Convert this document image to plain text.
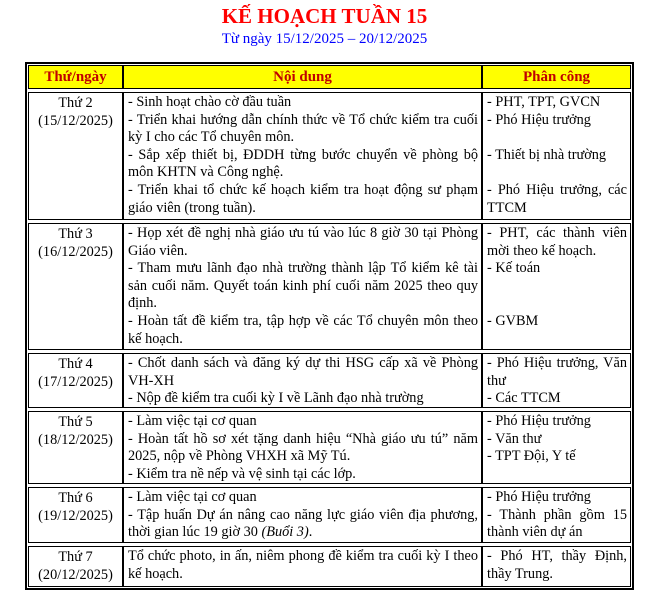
KẾ HOẠCH TUẦN 15
Từ ngày 15/12/2025 – 20/12/2025
Thứ/ngày	Nội dung	Phân công
Thứ 2
(15/12/2025)
- Sinh hoạt chào cờ đầu tuần
- Triển khai hướng dẫn chính thức về Tổ chức kiểm tra cuối kỳ I cho các Tổ chuyên môn.
- Sắp xếp thiết bị, ĐDDH từng bước chuyển về phòng bộ môn KHTN và Công nghệ.
- Triển khai tổ chức kế hoạch kiểm tra hoạt động sư phạm giáo viên (trong tuần).
- PHT, TPT, GVCN
- Phó Hiệu trưởng
- Thiết bị nhà trường
- Phó Hiệu trưởng, các TTCM
Thứ 3
(16/12/2025)
- Họp xét đề nghị nhà giáo ưu tú vào lúc 8 giờ 30 tại Phòng Giáo viên.
- Tham mưu lãnh đạo nhà trường thành lập Tổ kiểm kê tài sản cuối năm. Quyết toán kinh phí cuối năm 2025 theo quy định.
- Hoàn tất đề kiểm tra, tập hợp về các Tổ chuyên môn theo kế hoạch.
- PHT, các thành viên mời theo kế hoạch.
- Kế toán
- GVBM
Thứ 4
(17/12/2025)
- Chốt danh sách và đăng ký dự thi HSG cấp xã về Phòng VH-XH
- Nộp đề kiểm tra cuối kỳ I về Lãnh đạo nhà trường
- Phó Hiệu trưởng, Văn thư
- Các TTCM
Thứ 5
(18/12/2025)
- Làm việc tại cơ quan
- Hoàn tất hồ sơ xét tặng danh hiệu “Nhà giáo ưu tú” năm 2025, nộp về Phòng VHXH xã Mỹ Tú.
- Kiểm tra nề nếp và vệ sinh tại các lớp.
- Phó Hiệu trưởng
- Văn thư
- TPT Đội, Y tế
Thứ 6
(19/12/2025)
- Làm việc tại cơ quan
- Tập huấn Dự án nâng cao năng lực giáo viên địa phương, thời gian lúc 19 giờ 30 (Buổi 3).
- Phó Hiệu trưởng
- Thành phần gồm 15 thành viên dự án
Thứ 7
(20/12/2025)
Tổ chức photo, in ấn, niêm phong đề kiểm tra cuối kỳ I theo kế hoạch.
- Phó HT, thầy Định, thầy Trung.
